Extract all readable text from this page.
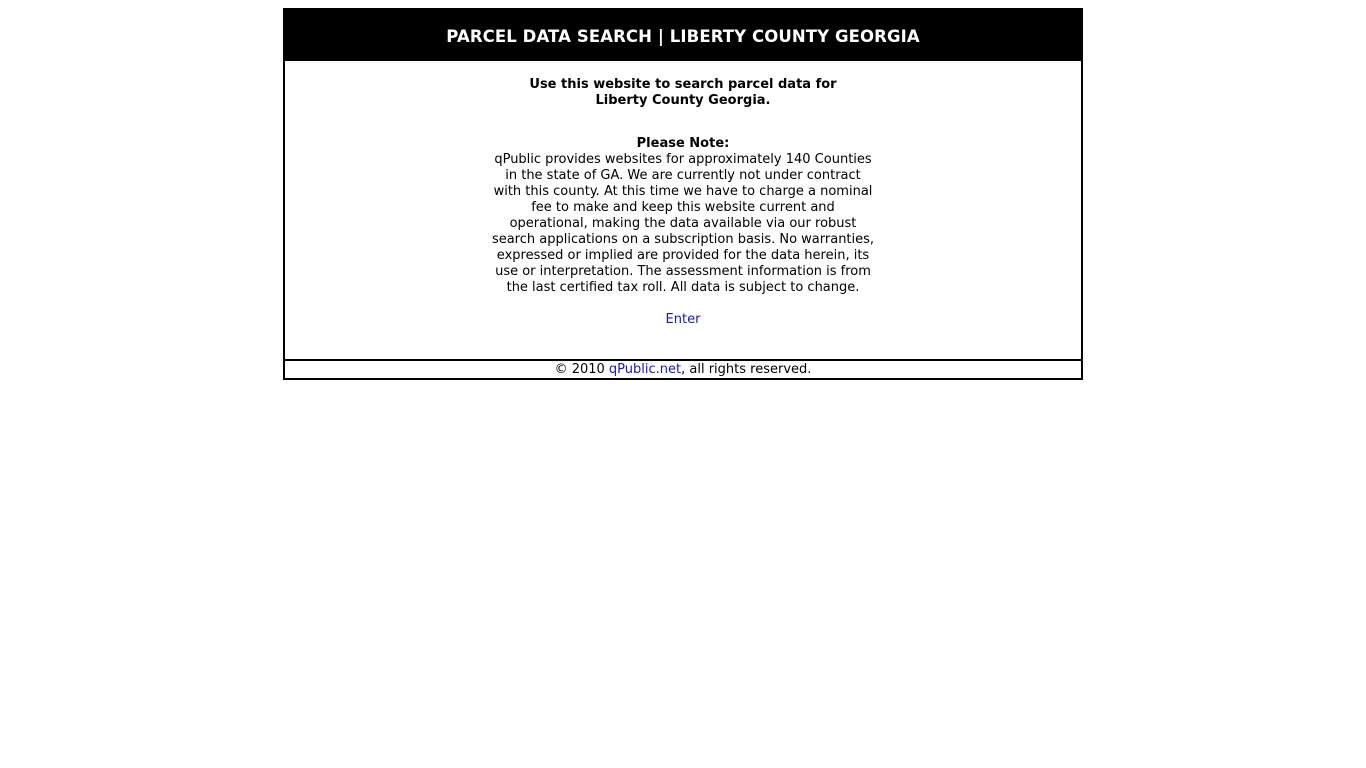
PARCEL DATA SEARCH | LIBERTY COUNTY GEORGIA
Use this website to search parcel data for
Liberty County Georgia.
Please Note:
qPublic provides websites for approximately 140 Counties
in the state of GA. We are currently not under contract
with this county. At this time we have to charge a nominal
fee to make and keep this website current and
operational, making the data available via our robust
search applications on a subscription basis. No warranties,
expressed or implied are provided for the data herein, its
use or interpretation. The assessment information is from
the last certified tax roll. All data is subject to change.
Enter
© 2010 qPublic.net, all rights reserved.
